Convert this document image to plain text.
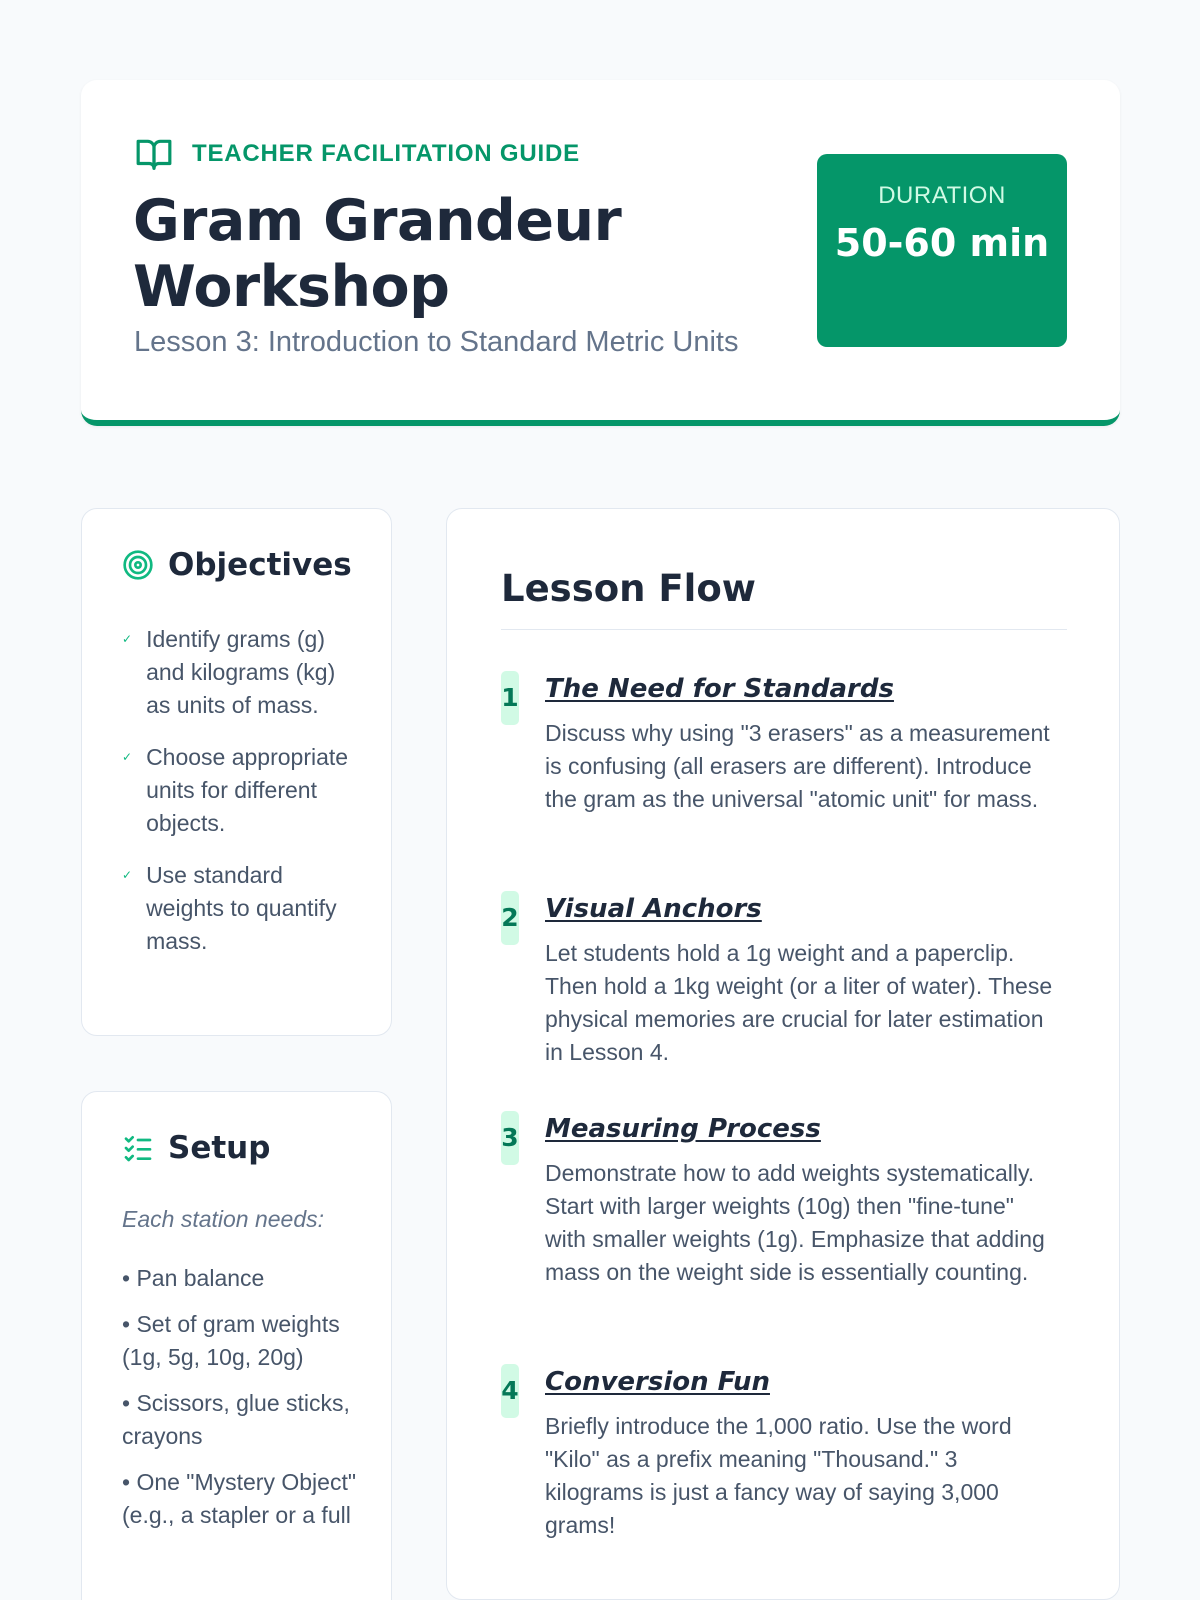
TEACHER FACILITATION GUIDE
Gram Grandeur Workshop
Lesson 3: Introduction to Standard Metric Units
DURATION
50-60 min
Objectives
✓ Identify grams (g) and kilograms (kg) as units of mass.
✓ Choose appropriate units for different objects.
✓ Use standard weights to quantify mass.
Setup
Each station needs:
• Pan balance
• Set of gram weights (1g, 5g, 10g, 20g)
• Scissors, glue sticks, crayons
• One "Mystery Object" (e.g., a stapler or a full
Lesson Flow
1 The Need for Standards
Discuss why using "3 erasers" as a measurement is confusing (all erasers are different). Introduce the gram as the universal "atomic unit" for mass.
2 Visual Anchors
Let students hold a 1g weight and a paperclip. Then hold a 1kg weight (or a liter of water). These physical memories are crucial for later estimation in Lesson 4.
3 Measuring Process
Demonstrate how to add weights systematically. Start with larger weights (10g) then "fine-tune" with smaller weights (1g). Emphasize that adding mass on the weight side is essentially counting.
4 Conversion Fun
Briefly introduce the 1,000 ratio. Use the word "Kilo" as a prefix meaning "Thousand." 3 kilograms is just a fancy way of saying 3,000 grams!
